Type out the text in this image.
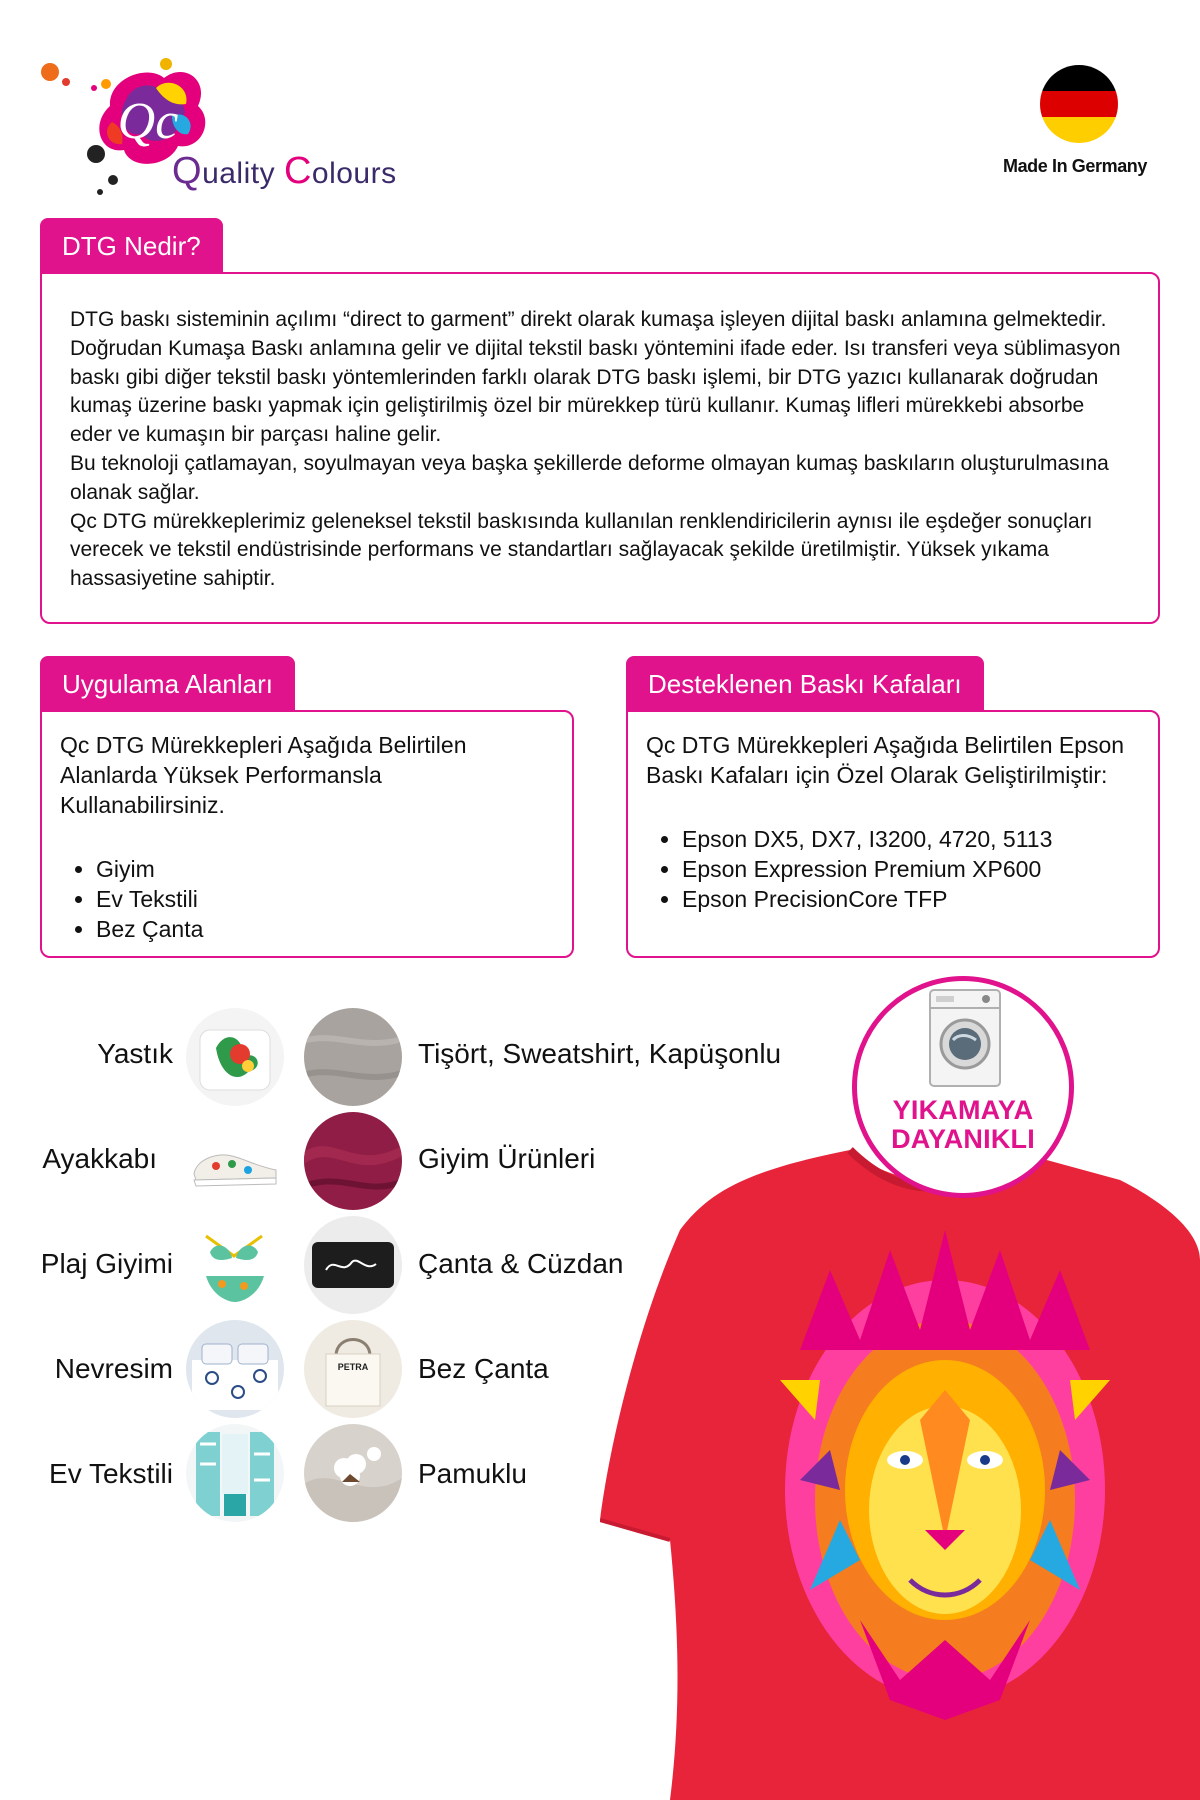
Qc
Quality Colours	Made In Germany
DTG Nedir?

DTG baskı sisteminin açılımı “direct to garment” direkt olarak kumaşa işleyen dijital baskı anlamına gelmektedir. Doğrudan Kumaşa Baskı anlamına gelir ve dijital tekstil baskı yöntemini ifade eder. Isı transferi veya süblimasyon baskı gibi diğer tekstil baskı yöntemlerinden farklı olarak DTG baskı işlemi, bir DTG yazıcı kullanarak doğrudan kumaş üzerine baskı yapmak için geliştirilmiş özel bir mürekkep türü kullanır. Kumaş lifleri mürekkebi absorbe eder ve kumaşın bir parçası haline gelir.

Bu teknoloji çatlamayan, soyulmayan veya başka şekillerde deforme olmayan kumaş baskıların oluşturulmasına olanak sağlar.

Qc DTG mürekkeplerimiz geleneksel tekstil baskısında kullanılan renklendiricilerin aynısı ile eşdeğer sonuçları verecek ve tekstil endüstrisinde performans ve standartları sağlayacak şekilde üretilmiştir. Yüksek yıkama hassasiyetine sahiptir.

Uygulama Alanları
Qc DTG Mürekkepleri Aşağıda Belirtilen Alanlarda Yüksek Performansla Kullanabilirsiniz.
• Giyim
• Ev Tekstili
• Bez Çanta
Desteklenen Baskı Kafaları
Qc DTG Mürekkepleri Aşağıda Belirtilen Epson Baskı Kafaları için Özel Olarak Geliştirilmiştir:
• Epson DX5, DX7, I3200, 4720, 5113
• Epson Expression Premium XP600
• Epson PrecisionCore TFP
Yastık	Tişört, Sweatshirt, Kapüşonlu
Ayakkabı	Giyim Ürünleri
Plaj Giyimi	Çanta & Cüzdan
Nevresim	PETRA Bez Çanta
Ev Tekstili	Pamuklu
YIKAMAYA
DAYANIKLI
